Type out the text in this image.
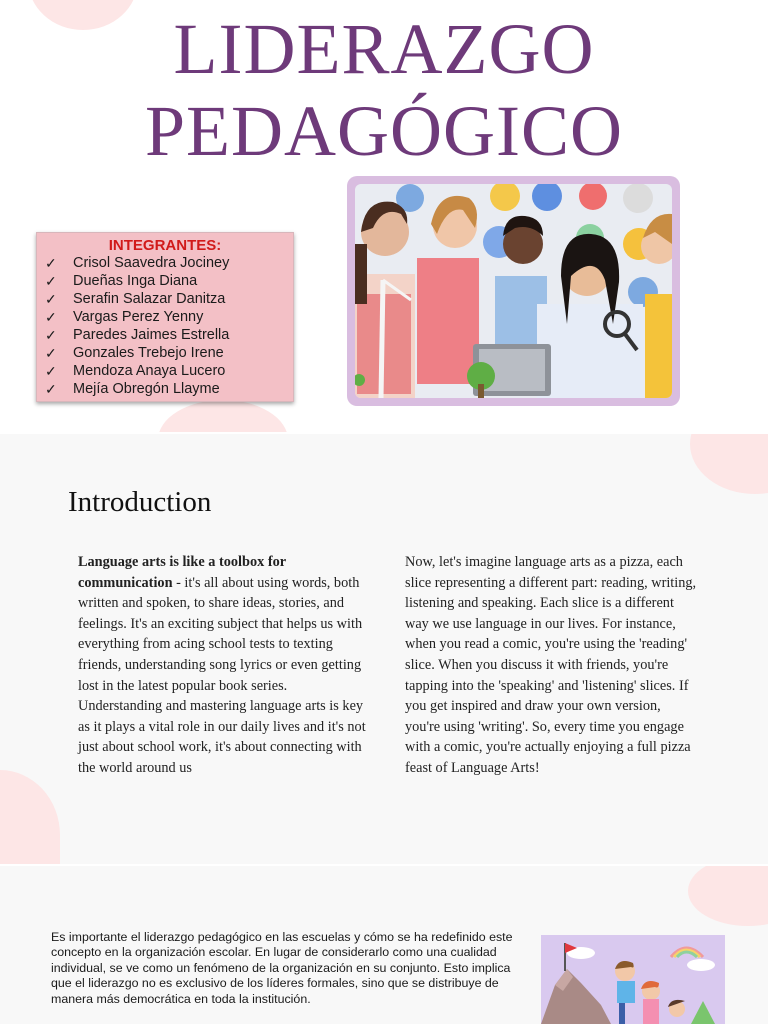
LIDERAZGO
PEDAGÓGICO
INTEGRANTES:
✓ Crisol Saavedra Jociney
✓ Dueñas Inga Diana
✓ Serafin Salazar Danitza
✓ Vargas Perez Yenny
✓ Paredes Jaimes Estrella
✓ Gonzales Trebejo Irene
✓ Mendoza Anaya Lucero
✓ Mejía Obregón Llayme
Introduction
Language arts is like a toolbox for communication - it's all about using words, both written and spoken, to share ideas, stories, and feelings. It's an exciting subject that helps us with everything from acing school tests to texting friends, understanding song lyrics or even getting lost in the latest popular book series. Understanding and mastering language arts is key as it plays a vital role in our daily lives and it's not just about school work, it's about connecting with the world around us
Now, let's imagine language arts as a pizza, each slice representing a different part: reading, writing, listening and speaking. Each slice is a different way we use language in our lives. For instance, when you read a comic, you're using the 'reading' slice. When you discuss it with friends, you're tapping into the 'speaking' and 'listening' slices. If you get inspired and draw your own version, you're using 'writing'. So, every time you engage with a comic, you're actually enjoying a full pizza feast of Language Arts!
Es importante el liderazgo pedagógico en las escuelas y cómo se ha redefinido este concepto en la organización escolar. En lugar de considerarlo como una cualidad individual, se ve como un fenómeno de la organización en su conjunto. Esto implica que el liderazgo no es exclusivo de los líderes formales, sino que se distribuye de manera más democrática en toda la institución.
